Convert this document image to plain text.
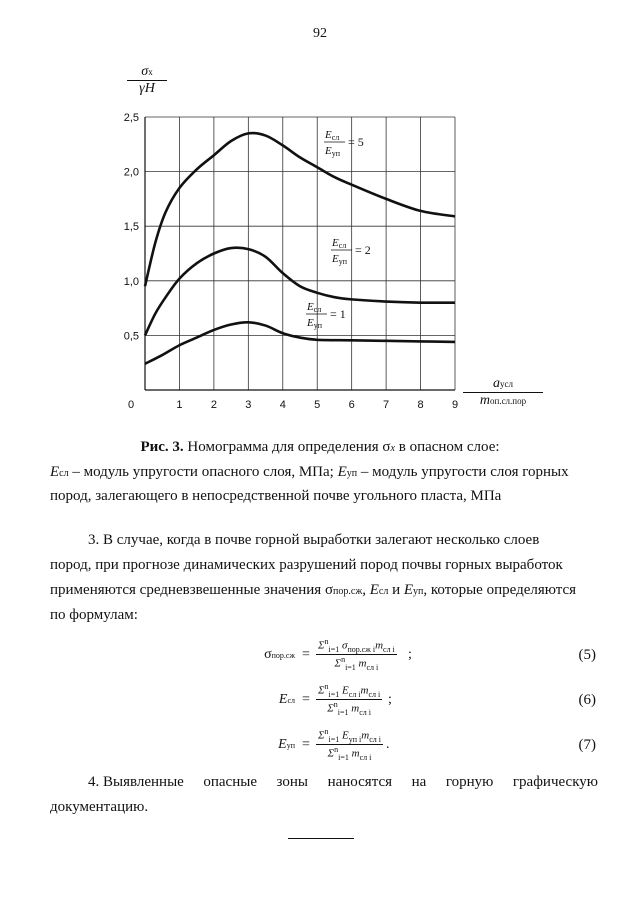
92
σx
γH
aусл
mоп.сл.пор
0	1	2	3	4	5	6	7	8	9
0,5
1,0
1,5
2,0
2,5
Eсл
Eуп
= 5
Eсл
Eуп
= 2
Eсл
Eуп
= 1
Рис. 3. Номограмма для определения σx в опасном слое:
Eсл – модуль упругости опасного слоя, МПа; Eуп – модуль упругости слоя горных
пород, залегающего в непосредственной почве угольного пласта, МПа
3. В случае, когда в почве горной выработки залегают несколько слоев
пород, при прогнозе динамических разрушений пород почвы горных выработок
применяются средневзвешенные значения σпор.сж, Eсл и Eуп, которые определяются
по формулам:
σпор.сж =
$\Sigma^n_{i=1}$ $\sigma_{пор.сж i}m_{сл i}$
$\Sigma^n_{i=1}$ $m_{сл i}$
;	(5)
Eсл =
$\Sigma^n_{i=1}$ $E_{сл i}m_{сл i}$
$\Sigma^n_{i=1}$ $m_{сл i}$
;	(6)
Eуп =
$\Sigma^n_{i=1}$ $E_{уп i}m_{сл i}$
$\Sigma^n_{i=1}$ $m_{сл i}$
.	(7)
4. Выявленные опасные зоны наносятся на горную графическую
документацию.
